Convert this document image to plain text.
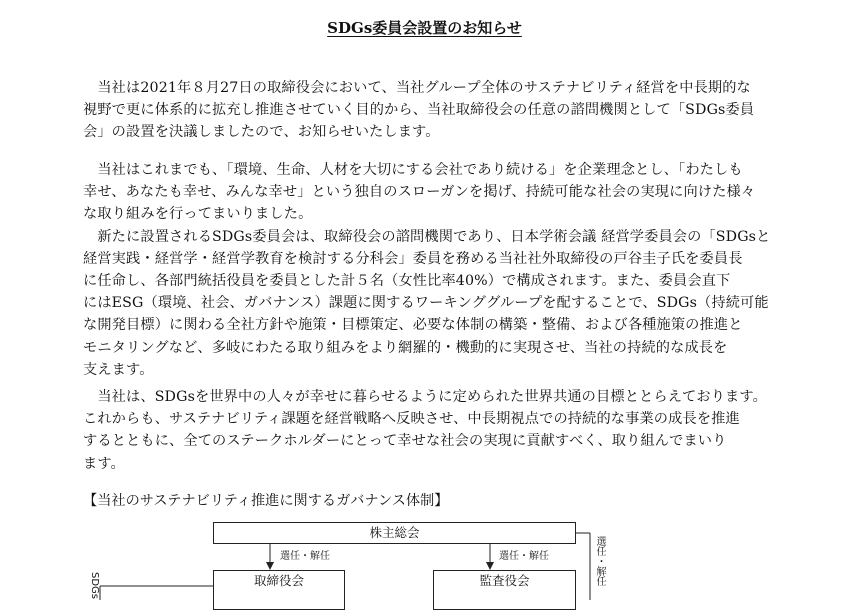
SDGs委員会設置のお知らせ
　当社は2021年８月27日の取締役会において、当社グループ全体のサステナビリティ経営を中長期的な
視野で更に体系的に拡充し推進させていく目的から、当社取締役会の任意の諮問機関として「SDGs委員
会」の設置を決議しましたので、お知らせいたします。
　当社はこれまでも、「環境、生命、人材を大切にする会社であり続ける」を企業理念とし、「わたしも
幸せ、あなたも幸せ、みんな幸せ」という独自のスローガンを掲げ、持続可能な社会の実現に向けた様々
な取り組みを行ってまいりました。
　新たに設置されるSDGs委員会は、取締役会の諮問機関であり、日本学術会議 経営学委員会の「SDGsと
経営実践・経営学・経営学教育を検討する分科会」委員を務める当社社外取締役の戸谷圭子氏を委員長
に任命し、各部門統括役員を委員とした計５名（女性比率40%）で構成されます。また、委員会直下
にはESG（環境、社会、ガバナンス）課題に関するワーキンググループを配することで、SDGs（持続可能
な開発目標）に関わる全社方針や施策・目標策定、必要な体制の構築・整備、および各種施策の推進と
モニタリングなど、多岐にわたる取り組みをより網羅的・機動的に実現させ、当社の持続的な成長を
支えます。
　当社は、SDGsを世界中の人々が幸せに暮らせるように定められた世界共通の目標ととらえております。
これからも、サステナビリティ課題を経営戦略へ反映させ、中長期視点での持続的な事業の成長を推進
するとともに、全てのステークホルダーにとって幸せな社会の実現に貢献すべく、取り組んでまいり
ます。
【当社のサステナビリティ推進に関するガバナンス体制】
株主総会
選任・解任	選任・解任
取締役会	監査役会	選任・解任
SDGs
